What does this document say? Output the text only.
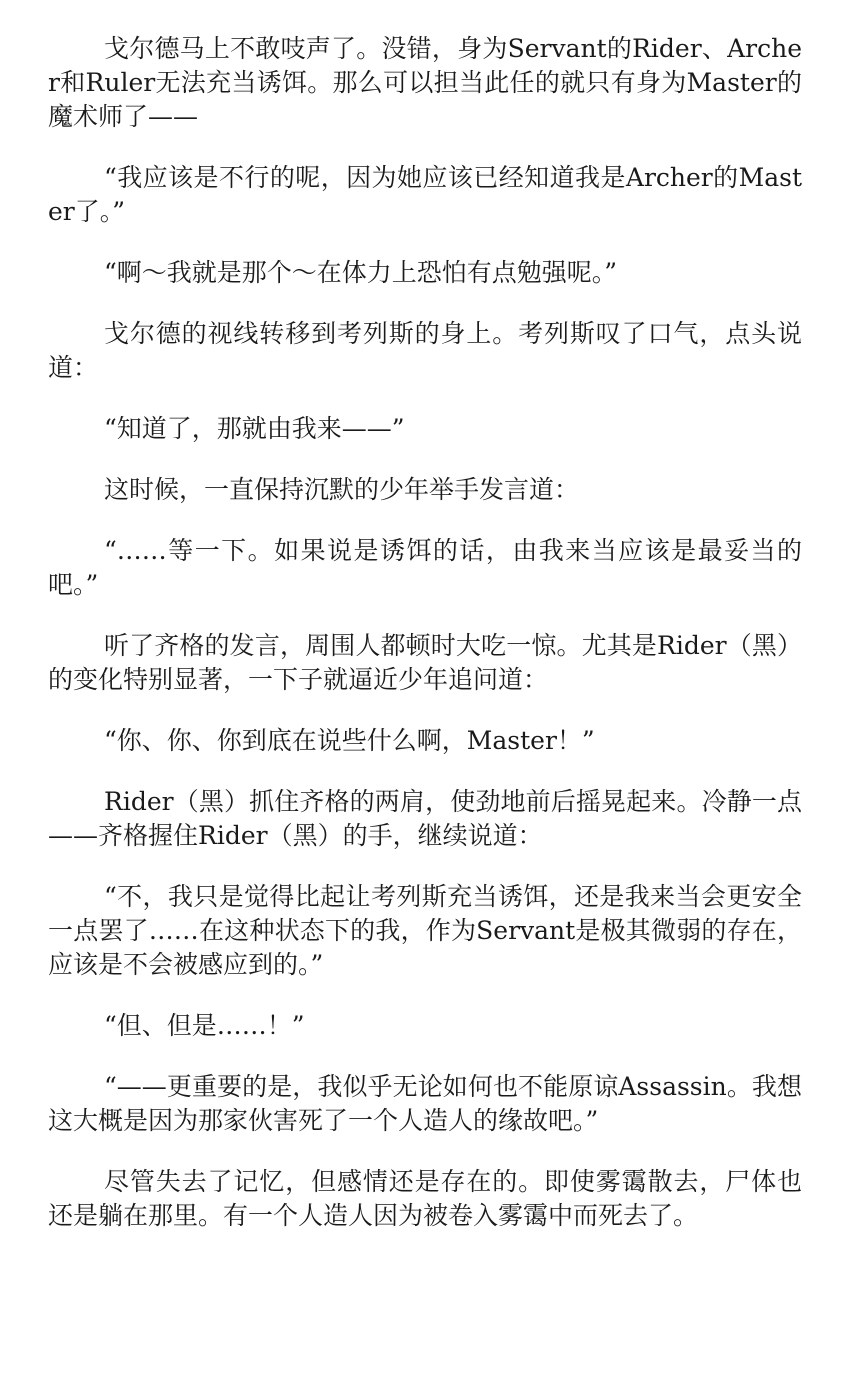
戈尔德马上不敢吱声了。没错，身为Servant的Rider、Archer和Ruler无法充当诱饵。那么可以担当此任的就只有身为Master的魔术师了——

“我应该是不行的呢，因为她应该已经知道我是Archer的Master了。”

“啊～我就是那个～在体力上恐怕有点勉强呢。”

戈尔德的视线转移到考列斯的身上。考列斯叹了口气，点头说道：

“知道了，那就由我来——”

这时候，一直保持沉默的少年举手发言道：

“……等一下。如果说是诱饵的话，由我来当应该是最妥当的吧。”

听了齐格的发言，周围人都顿时大吃一惊。尤其是Rider（黑）的变化特别显著，一下子就逼近少年追问道：

“你、你、你到底在说些什么啊，Master！”

Rider（黑）抓住齐格的两肩，使劲地前后摇晃起来。冷静一点——齐格握住Rider（黑）的手，继续说道：

“不，我只是觉得比起让考列斯充当诱饵，还是我来当会更安全一点罢了……在这种状态下的我，作为Servant是极其微弱的存在，应该是不会被感应到的。”

“但、但是……！”

“——更重要的是，我似乎无论如何也不能原谅Assassin。我想这大概是因为那家伙害死了一个人造人的缘故吧。”

尽管失去了记忆，但感情还是存在的。即使雾霭散去，尸体也还是躺在那里。有一个人造人因为被卷入雾霭中而死去了。
